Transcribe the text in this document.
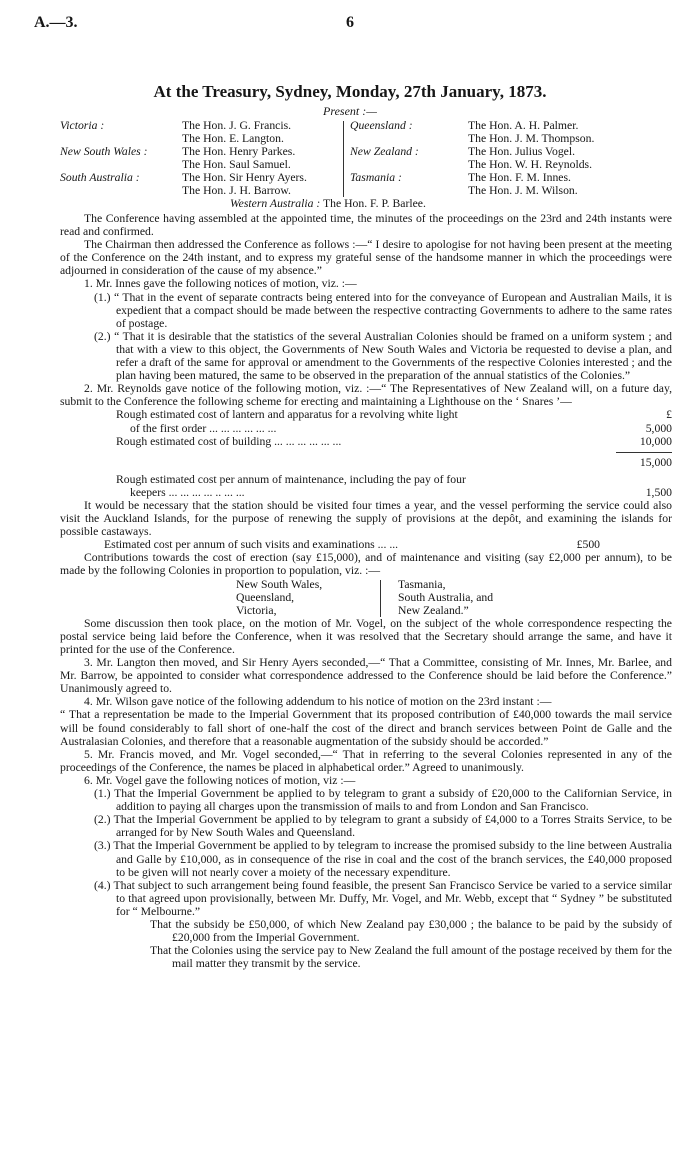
A.—3.	6
At the Treasury, Sydney, Monday, 27th January, 1873.
Present :—
Victoria :	The Hon. J. G. Francis.
The Hon. E. Langton.
New South Wales :	The Hon. Henry Parkes.
The Hon. Saul Samuel.
South Australia :	The Hon. Sir Henry Ayers.
The Hon. J. H. Barrow.
Queensland :	The Hon. A. H. Palmer.
The Hon. J. M. Thompson.
New Zealand :	The Hon. Julius Vogel.
The Hon. W. H. Reynolds.
Tasmania :	The Hon. F. M. Innes.
The Hon. J. M. Wilson.
Western Australia : The Hon. F. P. Barlee.

The Conference having assembled at the appointed time, the minutes of the proceedings on the 23rd and 24th instants were read and confirmed.

The Chairman then addressed the Conference as follows :—“ I desire to apologise for not having been present at the meeting of the Conference on the 24th instant, and to express my grateful sense of the handsome manner in which the proceedings were adjourned in consideration of the cause of my absence.”

1. Mr. Innes gave the following notices of motion, viz. :—

(1.) “ That in the event of separate contracts being entered into for the conveyance of European and Australian Mails, it is expedient that a compact should be made between the respective contracting Governments to adhere to the same rates of postage.

(2.) “ That it is desirable that the statistics of the several Australian Colonies should be framed on a uniform system ; and that with a view to this object, the Governments of New South Wales and Victoria be requested to devise a plan, and refer a draft of the same for approval or amendment to the Governments of the respective Colonies interested ; and the plan having been matured, the same to be observed in the preparation of the annual statistics of the Colonies.”

2. Mr. Reynolds gave notice of the following motion, viz. :—“ The Representatives of New Zealand will, on a future day, submit to the Conference the following scheme for erecting and maintaining a Lighthouse on the ‘ Snares ’—

Rough estimated cost of lantern and apparatus for a revolving white light	£
of the first order ... ... ... ... ... ...	5,000
Rough estimated cost of building ... ... ... ... ... ...	10,000
15,000
Rough estimated cost per annum of maintenance, including the pay of four
keepers ... ... ... ... .. ... ...	1,500

It would be necessary that the station should be visited four times a year, and the vessel performing the service could also visit the Auckland Islands, for the purpose of renewing the supply of provisions at the depôt, and examining the islands for possible castaways.

Estimated cost per annum of such visits and examinations ... ...	£500

Contributions towards the cost of erection (say £15,000), and of maintenance and visiting (say £2,000 per annum), to be made by the following Colonies in proportion to population, viz. :—

New South Wales,
Queensland,
Victoria,
Tasmania,
South Australia, and
New Zealand.”

Some discussion then took place, on the motion of Mr. Vogel, on the subject of the whole correspondence respecting the postal service being laid before the Conference, when it was resolved that the Secretary should arrange the same, and have it printed for the use of the Conference.

3. Mr. Langton then moved, and Sir Henry Ayers seconded,—“ That a Committee, consisting of Mr. Innes, Mr. Barlee, and Mr. Barrow, be appointed to consider what correspondence addressed to the Conference should be laid before the Conference.” Unanimously agreed to.

4. Mr. Wilson gave notice of the following addendum to his notice of motion on the 23rd instant :—

“ That a representation be made to the Imperial Government that its proposed contribution of £40,000 towards the mail service will be found considerably to fall short of one-half the cost of the direct and branch services between Point de Galle and the Australasian Colonies, and therefore that a reasonable augmentation of the subsidy should be accorded.”

5. Mr. Francis moved, and Mr. Vogel seconded,—“ That in referring to the several Colonies represented in any of the proceedings of the Conference, the names be placed in alphabetical order.” Agreed to unanimously.

6. Mr. Vogel gave the following notices of motion, viz :—

(1.) That the Imperial Government be applied to by telegram to grant a subsidy of £20,000 to the Californian Service, in addition to paying all charges upon the transmission of mails to and from London and San Francisco.

(2.) That the Imperial Government be applied to by telegram to grant a subsidy of £4,000 to a Torres Straits Service, to be arranged for by New South Wales and Queensland.

(3.) That the Imperial Government be applied to by telegram to increase the promised subsidy to the line between Australia and Galle by £10,000, as in consequence of the rise in coal and the cost of the branch services, the £40,000 proposed to be given will not nearly cover a moiety of the necessary expenditure.

(4.) That subject to such arrangement being found feasible, the present San Francisco Service be varied to a service similar to that agreed upon provisionally, between Mr. Duffy, Mr. Vogel, and Mr. Webb, except that “ Sydney ” be substituted for “ Melbourne.”

That the subsidy be £50,000, of which New Zealand pay £30,000 ; the balance to be paid by the subsidy of £20,000 from the Imperial Government.

That the Colonies using the service pay to New Zealand the full amount of the postage received by them for the mail matter they transmit by the service.
